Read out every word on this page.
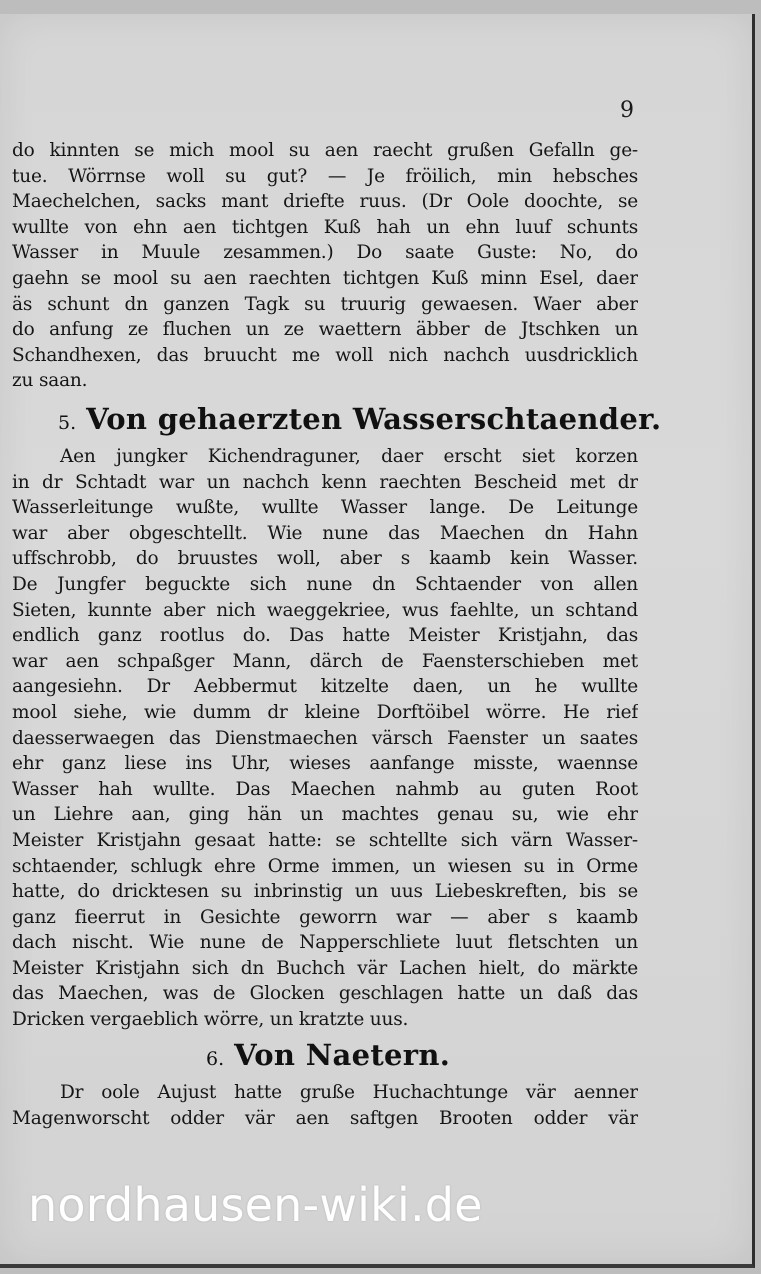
9
do kinnten se mich mool su aen raecht grußen Gefalln ge-
tue. Wörrnse woll su gut? — Je fröilich, min hebsches
Maechelchen, sacks mant driefte ruus. (Dr Oole doochte, se
wullte von ehn aen tichtgen Kuß hah un ehn luuf schunts
Wasser in Muule zesammen.) Do saate Guste: No, do
gaehn se mool su aen raechten tichtgen Kuß minn Esel, daer
äs schunt dn ganzen Tagk su truurig gewaesen. Waer aber
do anfung ze fluchen un ze waettern äbber de Jtschken un
Schandhexen, das bruucht me woll nich nachch uusdricklich
zu saan.
5. Von gehaerzten Wasserschtaender.
Aen jungker Kichendraguner, daer erscht siet korzen
in dr Schtadt war un nachch kenn raechten Bescheid met dr
Wasserleitunge wußte, wullte Wasser lange. De Leitunge
war aber obgeschtellt. Wie nune das Maechen dn Hahn
uffschrobb, do bruustes woll, aber s kaamb kein Wasser.
De Jungfer beguckte sich nune dn Schtaender von allen
Sieten, kunnte aber nich waeggekriee, wus faehlte, un schtand
endlich ganz rootlus do. Das hatte Meister Kristjahn, das
war aen schpaßger Mann, därch de Faensterschieben met
aangesiehn. Dr Aebbermut kitzelte daen, un he wullte
mool siehe, wie dumm dr kleine Dorftöibel wörre. He rief
daesserwaegen das Dienstmaechen värsch Faenster un saates
ehr ganz liese ins Uhr, wieses aanfange misste, waennse
Wasser hah wullte. Das Maechen nahmb au guten Root
un Liehre aan, ging hän un machtes genau su, wie ehr
Meister Kristjahn gesaat hatte: se schtellte sich värn Wasser-
schtaender, schlugk ehre Orme immen, un wiesen su in Orme
hatte, do dricktesen su inbrinstig un uus Liebeskreften, bis se
ganz fieerrut in Gesichte geworrn war — aber s kaamb
dach nischt. Wie nune de Napperschliete luut fletschten un
Meister Kristjahn sich dn Buchch vär Lachen hielt, do märkte
das Maechen, was de Glocken geschlagen hatte un daß das
Dricken vergaeblich wörre, un kratzte uus.
6. Von Naetern.
Dr oole Aujust hatte gruße Huchachtunge vär aenner
Magenworscht odder vär aen saftgen Brooten odder vär
nordhausen-wiki.de
